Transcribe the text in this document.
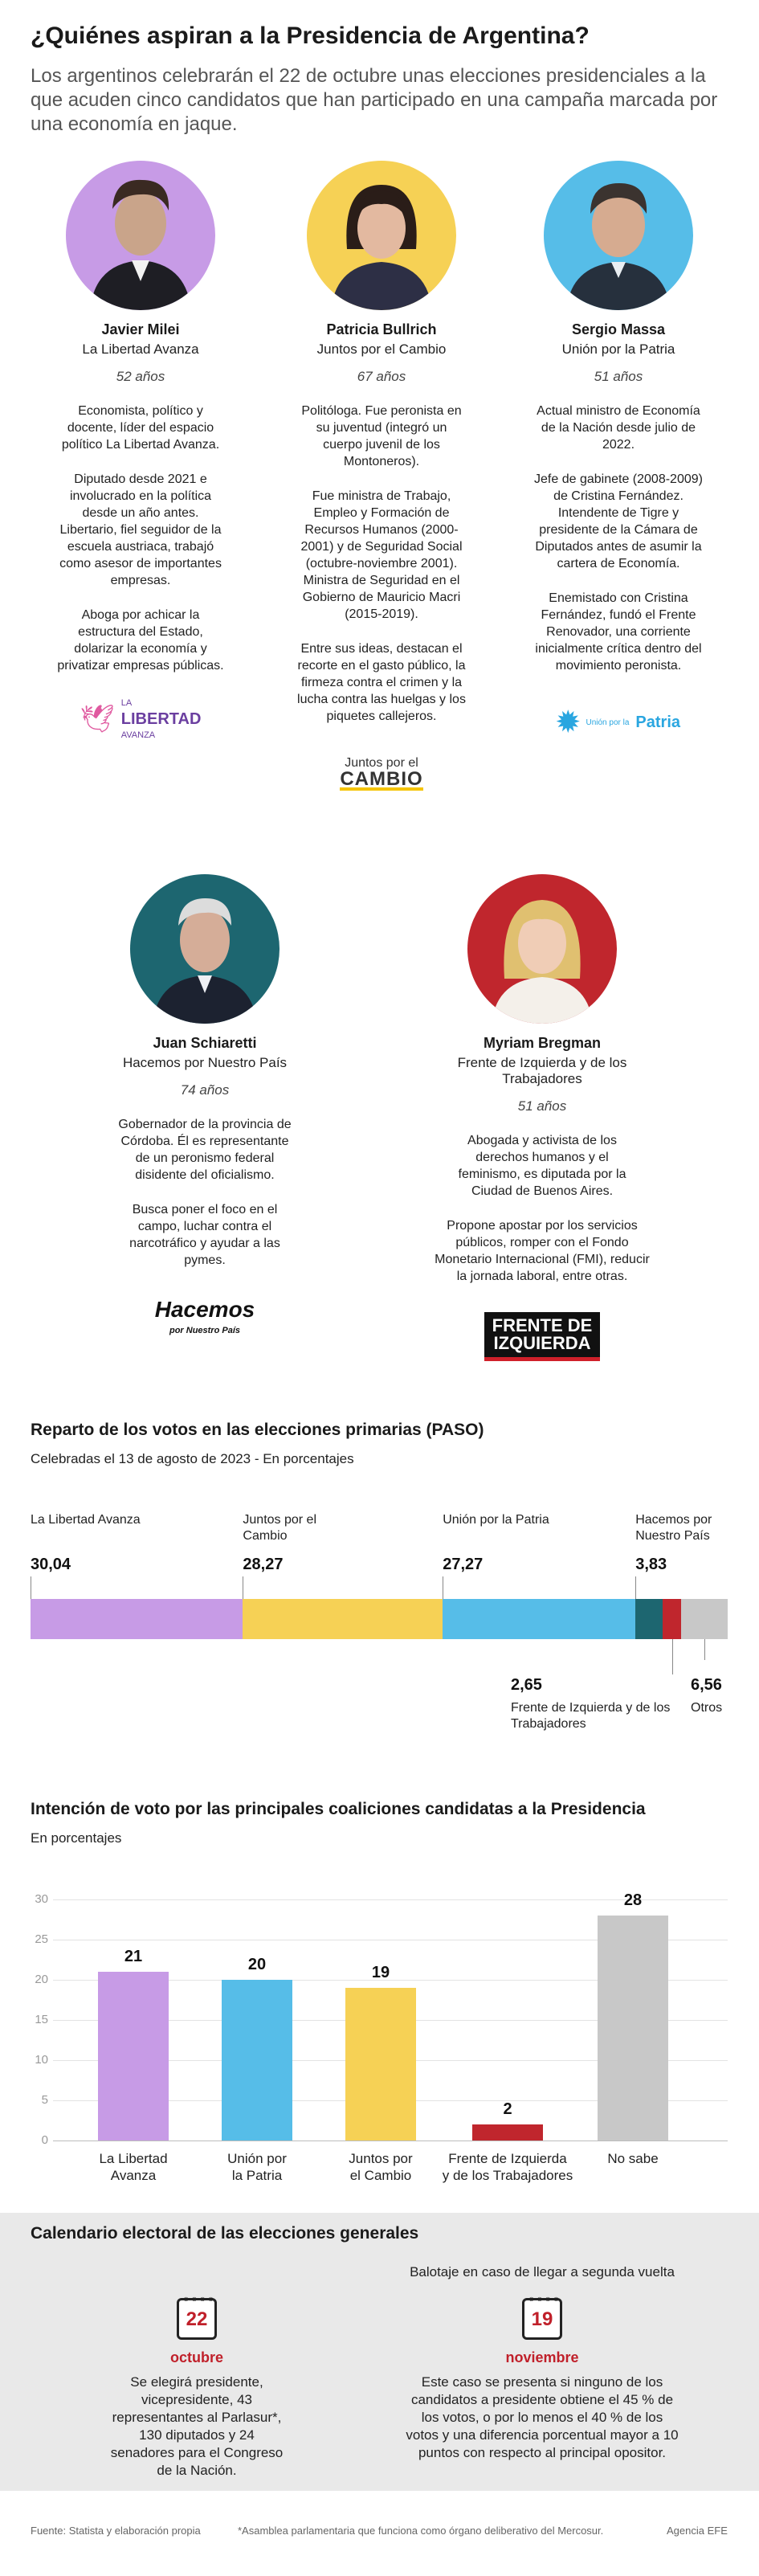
¿Quiénes aspiran a la Presidencia de Argentina?
Los argentinos celebrarán el 22 de octubre unas elecciones presidenciales a la que acuden cinco candidatos que han participado en una campaña marcada por una economía en jaque.
Javier Milei
La Libertad Avanza
52 años
Economista, político y docente, líder del espacio político La Libertad Avanza.
Diputado desde 2021 e involucrado en la política desde un año antes. Libertario, fiel seguidor de la escuela austriaca, trabajó como asesor de importantes empresas.
Aboga por achicar la estructura del Estado, dolarizar la economía y privatizar empresas públicas.
🕊
LA
LIBERTAD
AVANZA
Patricia Bullrich
Juntos por el Cambio
67 años
Politóloga. Fue peronista en su juventud (integró un cuerpo juvenil de los Montoneros).
Fue ministra de Trabajo, Empleo y Formación de Recursos Humanos (2000-2001) y de Seguridad Social (octubre-noviembre 2001). Ministra de Seguridad en el Gobierno de Mauricio Macri (2015-2019).
Entre sus ideas, destacan el recorte en el gasto público, la firmeza contra el crimen y la lucha contra las huelgas y los piquetes callejeros.
Juntos por el
CAMBIO
Sergio Massa
Unión por la Patria
51 años
Actual ministro de Economía de la Nación desde julio de 2022.
Jefe de gabinete (2008-2009) de Cristina Fernández. Intendente de Tigre y presidente de la Cámara de Diputados antes de asumir la cartera de Economía.
Enemistado con Cristina Fernández, fundó el Frente Renovador, una corriente inicialmente crítica dentro del movimiento peronista.
✹ Unión por la Patria
Juan Schiaretti
Hacemos por Nuestro País
74 años
Gobernador de la provincia de Córdoba. Él es representante de un peronismo federal disidente del oficialismo.
Busca poner el foco en el campo, luchar contra el narcotráfico y ayudar a las pymes.
Hacemos
por Nuestro País
Myriam Bregman
Frente de Izquierda y de los Trabajadores
51 años
Abogada y activista de los derechos humanos y el feminismo, es diputada por la Ciudad de Buenos Aires.
Propone apostar por los servicios públicos, romper con el Fondo Monetario Internacional (FMI), reducir la jornada laboral, entre otras.
FRENTE DE
IZQUIERDA
Reparto de los votos en las elecciones primarias (PASO)
Celebradas el 13 de agosto de 2023 - En porcentajes
La Libertad Avanza
30,04
Juntos por el Cambio
28,27
Unión por la Patria
27,27
Hacemos por Nuestro País
3,83
2,65
Frente de Izquierda y de los Trabajadores
6,56
Otros
Intención de voto por las principales coaliciones candidatas a la Presidencia
En porcentajes
0
5
10
15
20
25
30
21
La Libertad
Avanza
20
Unión por
la Patria
19
Juntos por
el Cambio
2
Frente de Izquierda
y de los Trabajadores
28
No sabe
Calendario electoral de las elecciones generales
Balotaje en caso de llegar a segunda vuelta
○○○○
22
octubre
Se elegirá presidente, vicepresidente, 43 representantes al Parlasur*, 130 diputados y 24 senadores para el Congreso de la Nación.
○○○○
19
noviembre
Este caso se presenta si ninguno de los candidatos a presidente obtiene el 45 % de los votos, o por lo menos el 40 % de los votos y una diferencia porcentual mayor a 10 puntos con respecto al principal opositor.
Fuente: Statista y elaboración propia	*Asamblea parlamentaria que funciona como órgano deliberativo del Mercosur.	Agencia EFE
